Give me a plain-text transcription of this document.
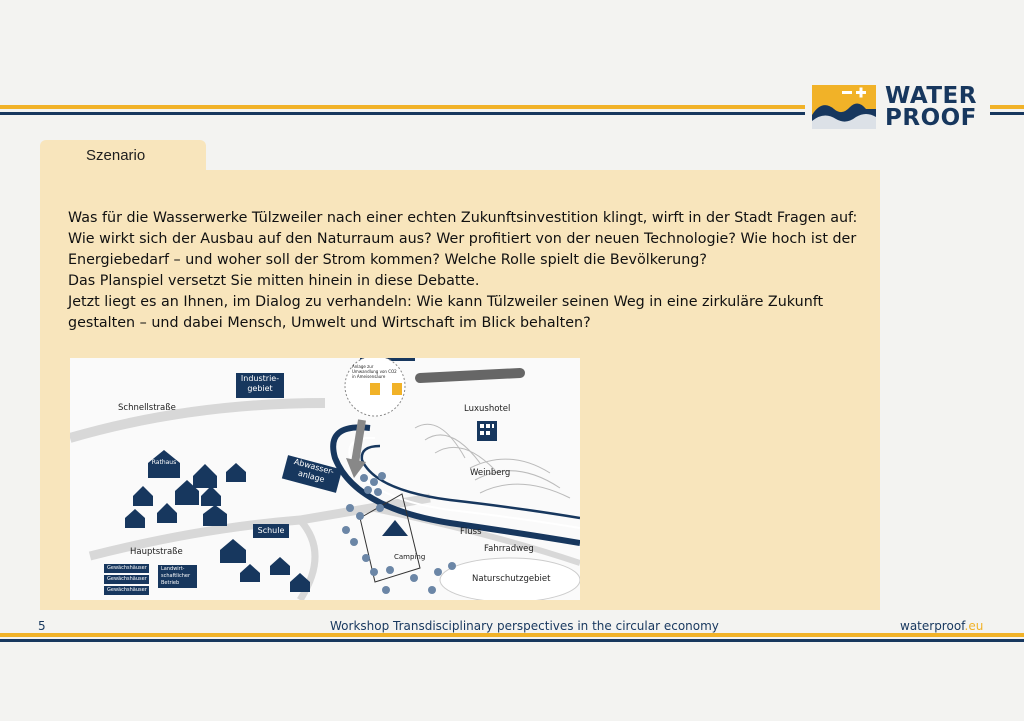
WATER
PROOF
Szenario

Was für die Wasserwerke Tülzweiler nach einer echten Zukunftsinvestition klingt, wirft in der Stadt Fragen auf:

Wie wirkt sich der Ausbau auf den Naturraum aus? Wer profitiert von der neuen Technologie? Wie hoch ist der

Energiebedarf – und woher soll der Strom kommen? Welche Rolle spielt die Bevölkerung?

Das Planspiel versetzt Sie mitten hinein in diese Debatte.

Jetzt liegt es an Ihnen, im Dialog zu verhandeln: Wie kann Tülzweiler seinen Weg in eine zirkuläre Zukunft

gestalten – und dabei Mensch, Umwelt und Wirtschaft im Blick behalten?

Industrie-
gebiet
Schnellstraße
Anlage zur Umwandlung von CO2 in Ameisensäure
Luxushotel
Rathaus	Abwasser-
anlage	Weinberg
Schule	Fluss
Hauptstraße	Camping
Fahrradweg
Naturschutzgebiet
Gewächshäuser
Gewächshäuser
Gewächshäuser
Landwirt-
schaftlicher
Betrieb
5	Workshop Transdisciplinary perspectives in the circular economy	waterproof.eu
